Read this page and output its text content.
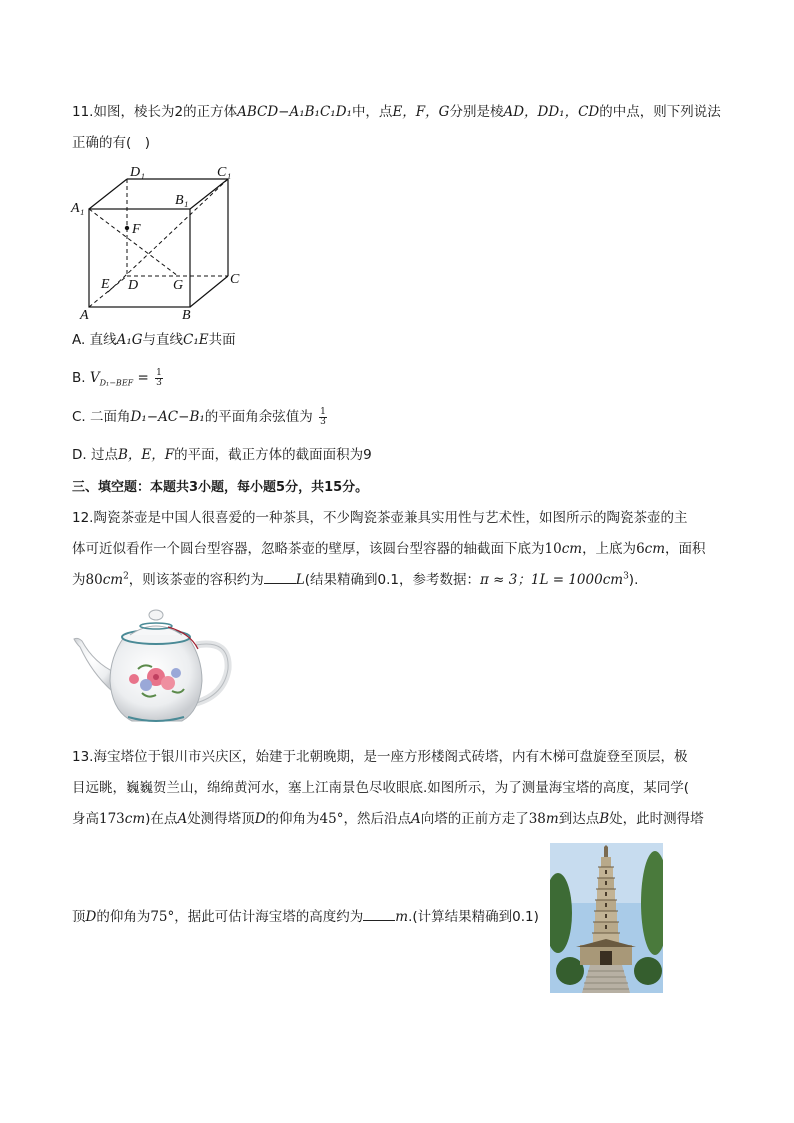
11.如图，棱长为2的正方体ABCD−A₁B₁C₁D₁中，点E，F，G分别是棱AD，DD₁，CD的中点，则下列说法
正确的有(　)
D₁	C₁
B₁
A₁
F
E D G	C
A	B
A. 直线A₁G与直线C₁E共面
B. $V_{D_1-BEF} = \frac{1}{3}$
C. 二面角D₁−AC−B₁的平面角余弦值为 $\frac{1}{3}$
D. 过点B，E，F的平面，截正方体的截面面积为9
三、填空题：本题共3小题，每小题5分，共15分。
12.陶瓷茶壶是中国人很喜爱的一种茶具，不少陶瓷茶壶兼具实用性与艺术性，如图所示的陶瓷茶壶的主
体可近似看作一个圆台型容器，忽略茶壶的壁厚，该圆台型容器的轴截面下底为10cm，上底为6cm，面积
为$80cm^2$，则该茶壶的容积约为 L(结果精确到0.1，参考数据：π ≈ 3；$1L = 1000cm^3$).
13.海宝塔位于银川市兴庆区，始建于北朝晚期，是一座方形楼阁式砖塔，内有木梯可盘旋登至顶层，极
目远眺，巍巍贺兰山，绵绵黄河水，塞上江南景色尽收眼底.如图所示，为了测量海宝塔的高度，某同学(
身高173cm)在点A处测得塔顶D的仰角为45°，然后沿点A向塔的正前方走了38m到达点B处，此时测得塔
顶D的仰角为75°，据此可估计海宝塔的高度约为 m.(计算结果精确到0.1)
